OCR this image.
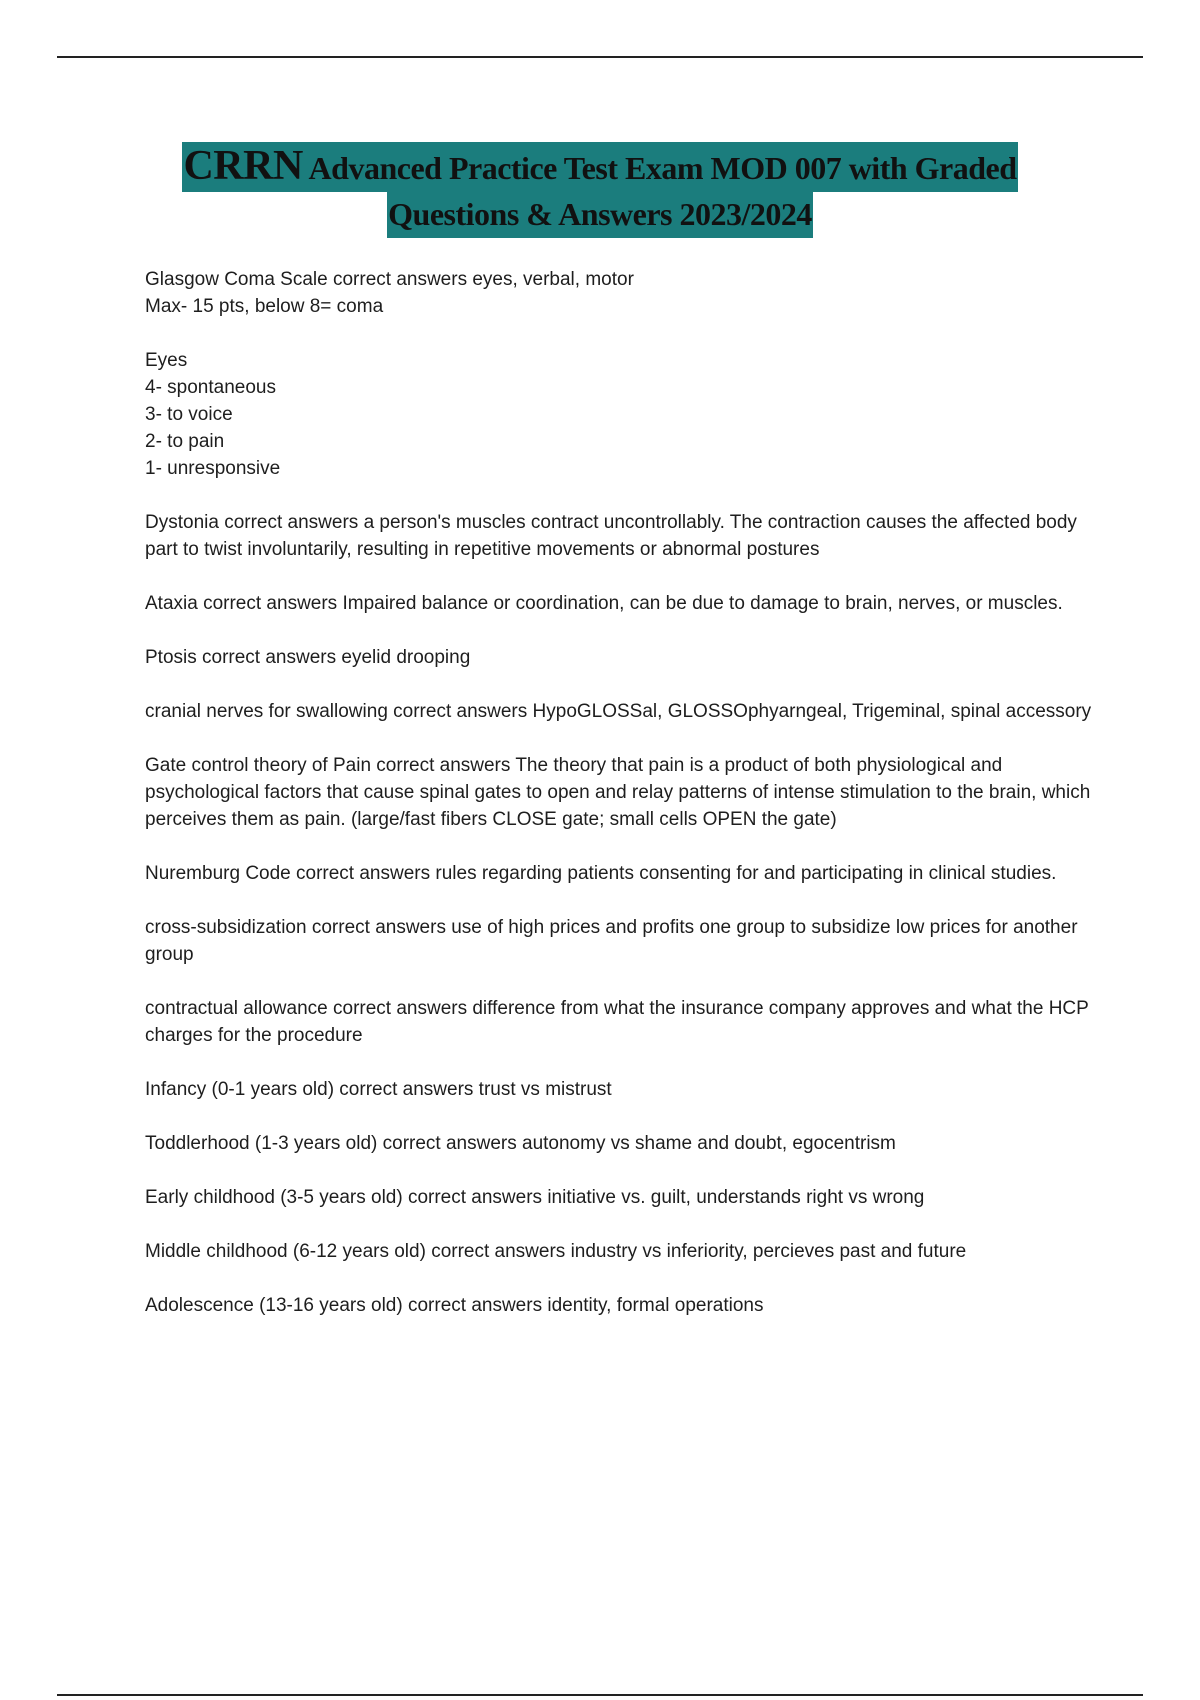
CRRN Advanced Practice Test Exam MOD 007 with Graded
Questions & Answers 2023/2024

Glasgow Coma Scale correct answers eyes, verbal, motor
Max- 15 pts, below 8= coma

Eyes
4- spontaneous
3- to voice
2- to pain
1- unresponsive

Dystonia correct answers a person's muscles contract uncontrollably. The contraction causes the affected body part to twist involuntarily, resulting in repetitive movements or abnormal postures

Ataxia correct answers Impaired balance or coordination, can be due to damage to brain, nerves, or muscles.

Ptosis correct answers eyelid drooping

cranial nerves for swallowing correct answers HypoGLOSSal, GLOSSOphyarngeal, Trigeminal, spinal accessory

Gate control theory of Pain correct answers The theory that pain is a product of both physiological and psychological factors that cause spinal gates to open and relay patterns of intense stimulation to the brain, which perceives them as pain. (large/fast fibers CLOSE gate; small cells OPEN the gate)

Nuremburg Code correct answers rules regarding patients consenting for and participating in clinical studies.

cross-subsidization correct answers use of high prices and profits one group to subsidize low prices for another group

contractual allowance correct answers difference from what the insurance company approves and what the HCP charges for the procedure

Infancy (0-1 years old) correct answers trust vs mistrust

Toddlerhood (1-3 years old) correct answers autonomy vs shame and doubt, egocentrism

Early childhood (3-5 years old) correct answers initiative vs. guilt, understands right vs wrong

Middle childhood (6-12 years old) correct answers industry vs inferiority, percieves past and future

Adolescence (13-16 years old) correct answers identity, formal operations
